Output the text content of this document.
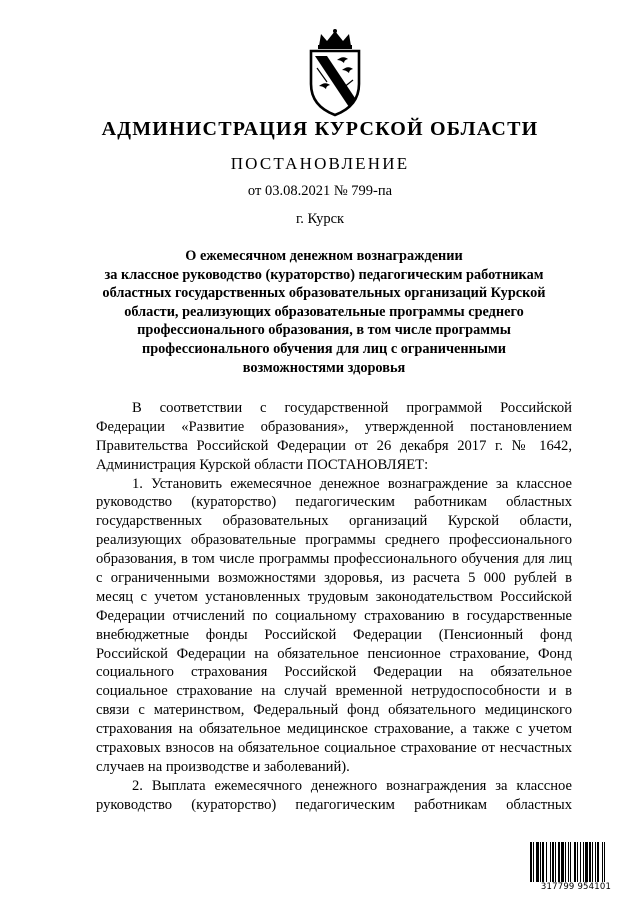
АДМИНИСТРАЦИЯ КУРСКОЙ ОБЛАСТИ
ПОСТАНОВЛЕНИЕ
от 03.08.2021 № 799-па
г. Курск
О ежемесячном денежном вознаграждении
за классное руководство (кураторство) педагогическим работникам
областных государственных образовательных организаций Курской
области, реализующих образовательные программы среднего
профессионального образования, в том числе программы
профессионального обучения для лиц с ограниченными
возможностями здоровья
В соответствии с государственной программой Российской
Федерации «Развитие образования», утвержденной постановлением
Правительства Российской Федерации от 26 декабря 2017 г. № 1642,
Администрация Курской области ПОСТАНОВЛЯЕТ:
1. Установить ежемесячное денежное вознаграждение за классное
руководство (кураторство) педагогическим работникам областных
государственных образовательных организаций Курской области,
реализующих образовательные программы среднего профессионального
образования, в том числе программы профессионального обучения для лиц
с ограниченными возможностями здоровья, из расчета 5 000 рублей в
месяц с учетом установленных трудовым законодательством Российской
Федерации отчислений по социальному страхованию в государственные
внебюджетные фонды Российской Федерации (Пенсионный фонд
Российской Федерации на обязательное пенсионное страхование, Фонд
социального страхования Российской Федерации на обязательное
социальное страхование на случай временной нетрудоспособности и в
связи с материнством, Федеральный фонд обязательного медицинского
страхования на обязательное медицинское страхование, а также с учетом
страховых взносов на обязательное социальное страхование от несчастных
случаев на производстве и заболеваний).
2. Выплата ежемесячного денежного вознаграждения за классное
руководство (кураторство) педагогическим работникам областных
317799 954101
